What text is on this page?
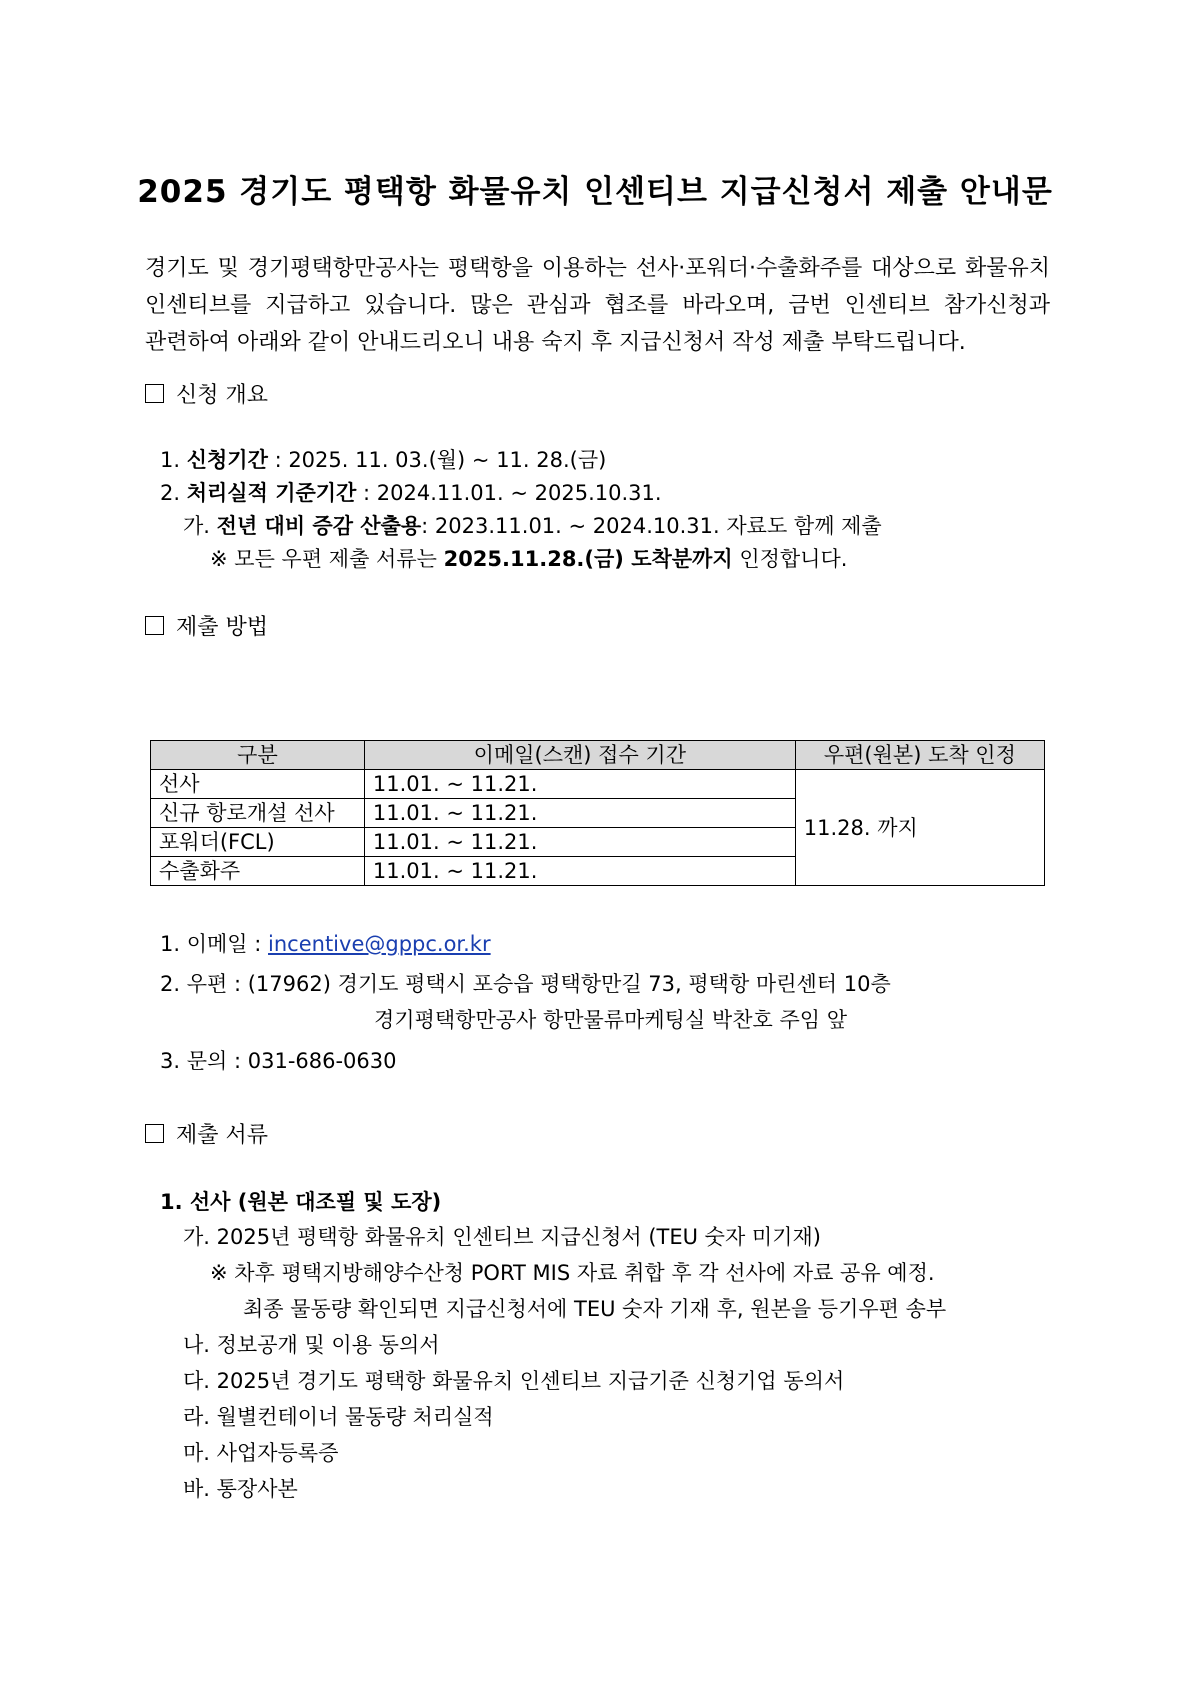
2025 경기도 평택항 화물유치 인센티브 지급신청서 제출 안내문
경기도 및 경기평택항만공사는 평택항을 이용하는 선사·포워더·수출화주를 대상으로 화물유치
인센티브를 지급하고 있습니다. 많은 관심과 협조를 바라오며, 금번 인센티브 참가신청과
관련하여 아래와 같이 안내드리오니 내용 숙지 후 지급신청서 작성 제출 부탁드립니다.
신청 개요
1. 신청기간 : 2025. 11. 03.(월) ~ 11. 28.(금)
2. 처리실적 기준기간 : 2024.11.01. ~ 2025.10.31.
가. 전년 대비 증감 산출용: 2023.11.01. ~ 2024.10.31. 자료도 함께 제출
※ 모든 우편 제출 서류는 2025.11.28.(금) 도착분까지 인정합니다.
제출 방법
구분	이메일(스캔) 접수 기간	우편(원본) 도착 인정
선사	11.01. ~ 11.21.	11.28. 까지
신규 항로개설 선사	11.01. ~ 11.21.	
포워더(FCL)	11.01. ~ 11.21.	
수출화주	11.01. ~ 11.21.	
1. 이메일 : incentive@gppc.or.kr
2. 우편 : (17962) 경기도 평택시 포승읍 평택항만길 73, 평택항 마린센터 10층
경기평택항만공사 항만물류마케팅실 박찬호 주임 앞
3. 문의 : 031-686-0630
제출 서류
1. 선사 (원본 대조필 및 도장)
가. 2025년 평택항 화물유치 인센티브 지급신청서 (TEU 숫자 미기재)
※ 차후 평택지방해양수산청 PORT MIS 자료 취합 후 각 선사에 자료 공유 예정.
최종 물동량 확인되면 지급신청서에 TEU 숫자 기재 후, 원본을 등기우편 송부
나. 정보공개 및 이용 동의서
다. 2025년 경기도 평택항 화물유치 인센티브 지급기준 신청기업 동의서
라. 월별컨테이너 물동량 처리실적
마. 사업자등록증
바. 통장사본
